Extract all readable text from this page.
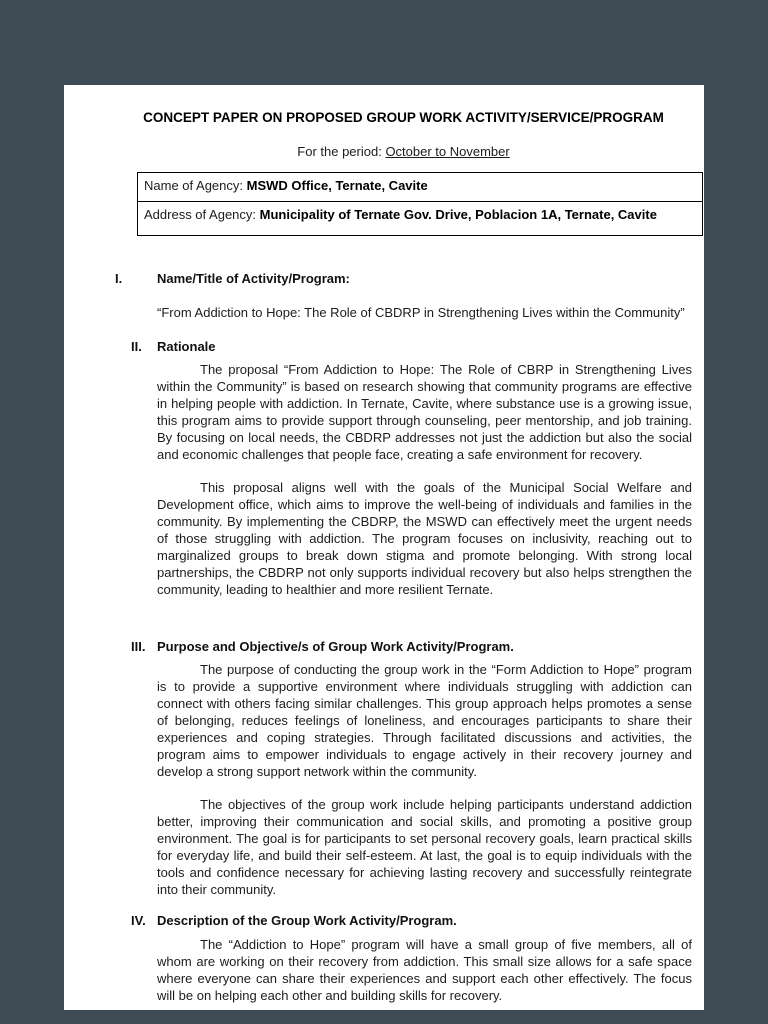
CONCEPT PAPER ON PROPOSED GROUP WORK ACTIVITY/SERVICE/PROGRAM
For the period: October to November
Name of Agency: MSWD Office, Ternate, Cavite
Address of Agency: Municipality of Ternate Gov. Drive, Poblacion 1A, Ternate, Cavite
I.	Name/Title of Activity/Program:
“From Addiction to Hope: The Role of CBDRP in Strengthening Lives within the Community”
II. Rationale
The proposal “From Addiction to Hope: The Role of CBRP in Strengthening Lives within the Community” is based on research showing that community programs are effective in helping people with addiction. In Ternate, Cavite, where substance use is a growing issue, this program aims to provide support through counseling, peer mentorship, and job training. By focusing on local needs, the CBDRP addresses not just the addiction but also the social and economic challenges that people face, creating a safe environment for recovery.
This proposal aligns well with the goals of the Municipal Social Welfare and Development office, which aims to improve the well-being of individuals and families in the community. By implementing the CBDRP, the MSWD can effectively meet the urgent needs of those struggling with addiction. The program focuses on inclusivity, reaching out to marginalized groups to break down stigma and promote belonging. With strong local partnerships, the CBDRP not only supports individual recovery but also helps strengthen the community, leading to healthier and more resilient Ternate.
III. Purpose and Objective/s of Group Work Activity/Program.
The purpose of conducting the group work in the “Form Addiction to Hope” program is to provide a supportive environment where individuals struggling with addiction can connect with others facing similar challenges. This group approach helps promotes a sense of belonging, reduces feelings of loneliness, and encourages participants to share their experiences and coping strategies. Through facilitated discussions and activities, the program aims to empower individuals to engage actively in their recovery journey and develop a strong support network within the community.
The objectives of the group work include helping participants understand addiction better, improving their communication and social skills, and promoting a positive group environment. The goal is for participants to set personal recovery goals, learn practical skills for everyday life, and build their self-esteem. At last, the goal is to equip individuals with the tools and confidence necessary for achieving lasting recovery and successfully reintegrate into their community.
IV. Description of the Group Work Activity/Program.
The “Addiction to Hope” program will have a small group of five members, all of whom are working on their recovery from addiction. This small size allows for a safe space where everyone can share their experiences and support each other effectively. The focus will be on helping each other and building skills for recovery.
